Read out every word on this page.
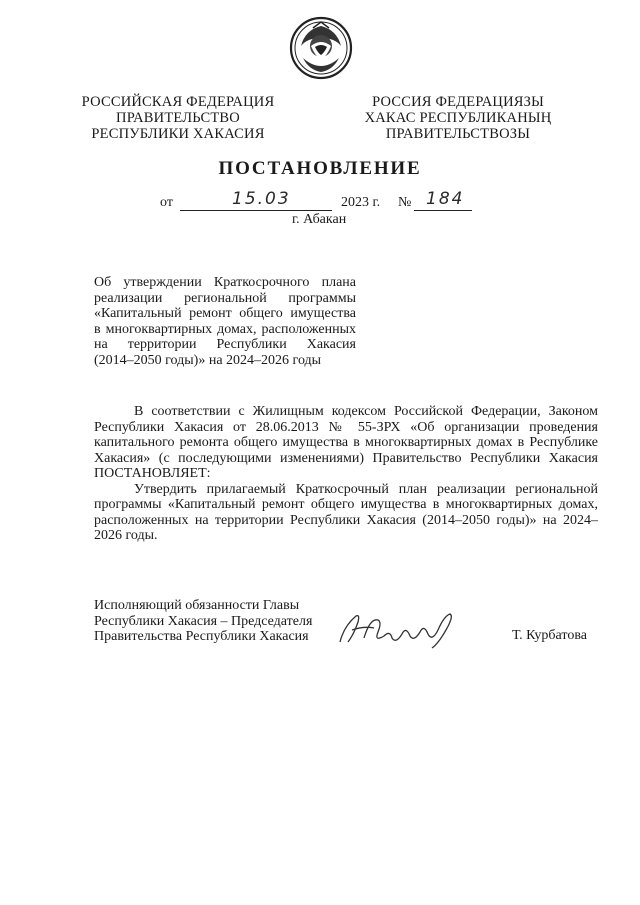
РОССИЙСКАЯ ФЕДЕРАЦИЯ
ПРАВИТЕЛЬСТВО
РЕСПУБЛИКИ ХАКАСИЯ
РОССИЯ ФЕДЕРАЦИЯЗЫ
ХАКАС РЕСПУБЛИКАНЫҢ
ПРАВИТЕЛЬСТВОЗЫ
ПОСТАНОВЛЕНИЕ
от	15.03	2023 г. № 184
г. Абакан
Об утверждении Краткосрочного плана
реализации региональной программы
«Капитальный ремонт общего имущества
в многоквартирных домах, расположенных
на территории Республики Хакасия
(2014–2050 годы)» на 2024–2026 годы

В соответствии с Жилищным кодексом Российской Федерации, Законом Республики Хакасия от 28.06.2013 № 55-ЗРХ «Об организации проведения капитального ремонта общего имущества в многоквартирных домах в Республике Хакасия» (с последующими изменениями) Правительство Республики Хакасия ПОСТАНОВЛЯЕТ:

Утвердить прилагаемый Краткосрочный план реализации региональной программы «Капитальный ремонт общего имущества в многоквартирных домах, расположенных на территории Республики Хакасия (2014–2050 годы)» на 2024–2026 годы.

Исполняющий обязанности Главы
Республики Хакасия – Председателя
Правительства Республики Хакасия	Т. Курбатова
